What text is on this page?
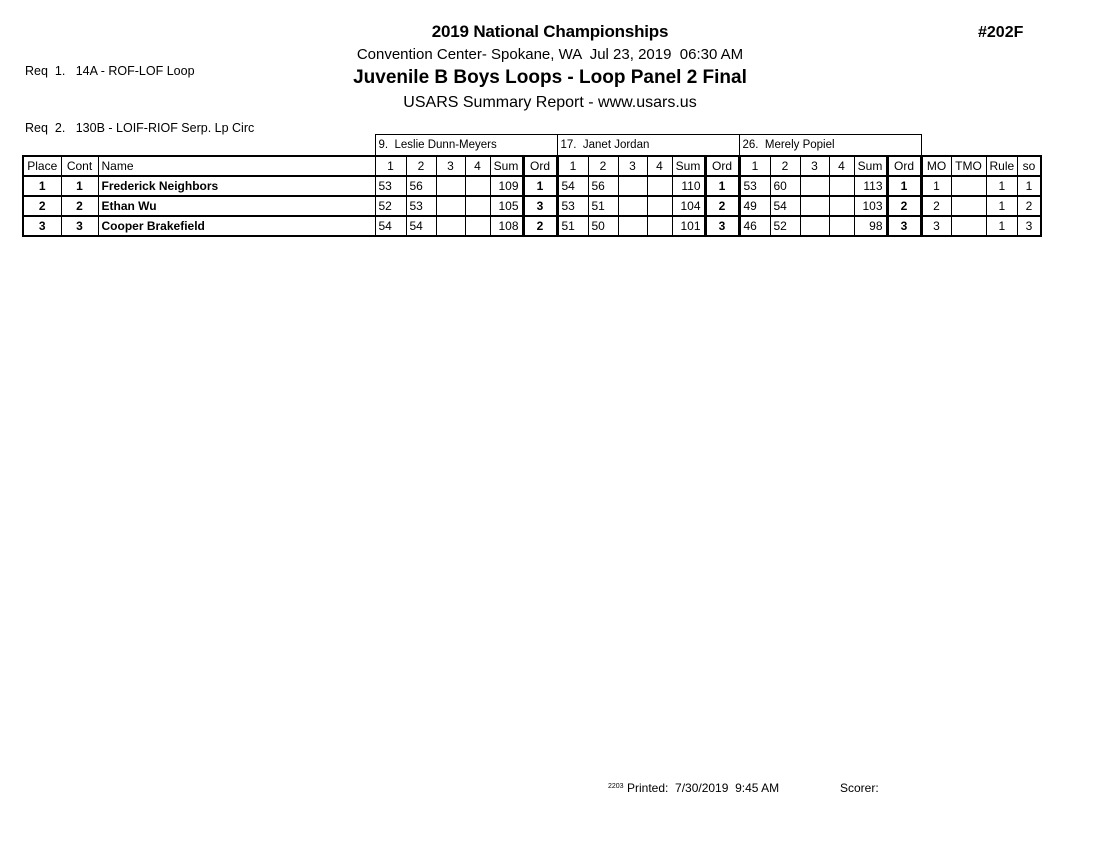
Req  1.   14A - ROF-LOF Loop

Req  2.   130B - LOIF-RIOF Serp. Lp Circ

2019 National Championships
Convention Center- Spokane, WA  Jul 23, 2019  06:30 AM
Juvenile B Boys Loops - Loop Panel 2 Final
USARS Summary Report - www.usars.us
#202F
			9.  Leslie Dunn-Meyers						17.  Janet Jordan						26.  Merely Popiel									
Place	Cont	Name	1	2	3	4	Sum	Ord	1	2	3	4	Sum	Ord	1	2	3	4	Sum	Ord	MO	TMO	Rule	so
1	1	Frederick Neighbors	53	56			109	1	54	56			110	1	53	60			113	1	1		1	1
2	2	Ethan Wu	52	53			105	3	53	51			104	2	49	54			103	2	2		1	2
3	3	Cooper Brakefield	54	54			108	2	51	50			101	3	46	52			98	3	3		1	3
2203 Printed:  7/30/2019  9:45 AM	Scorer:
